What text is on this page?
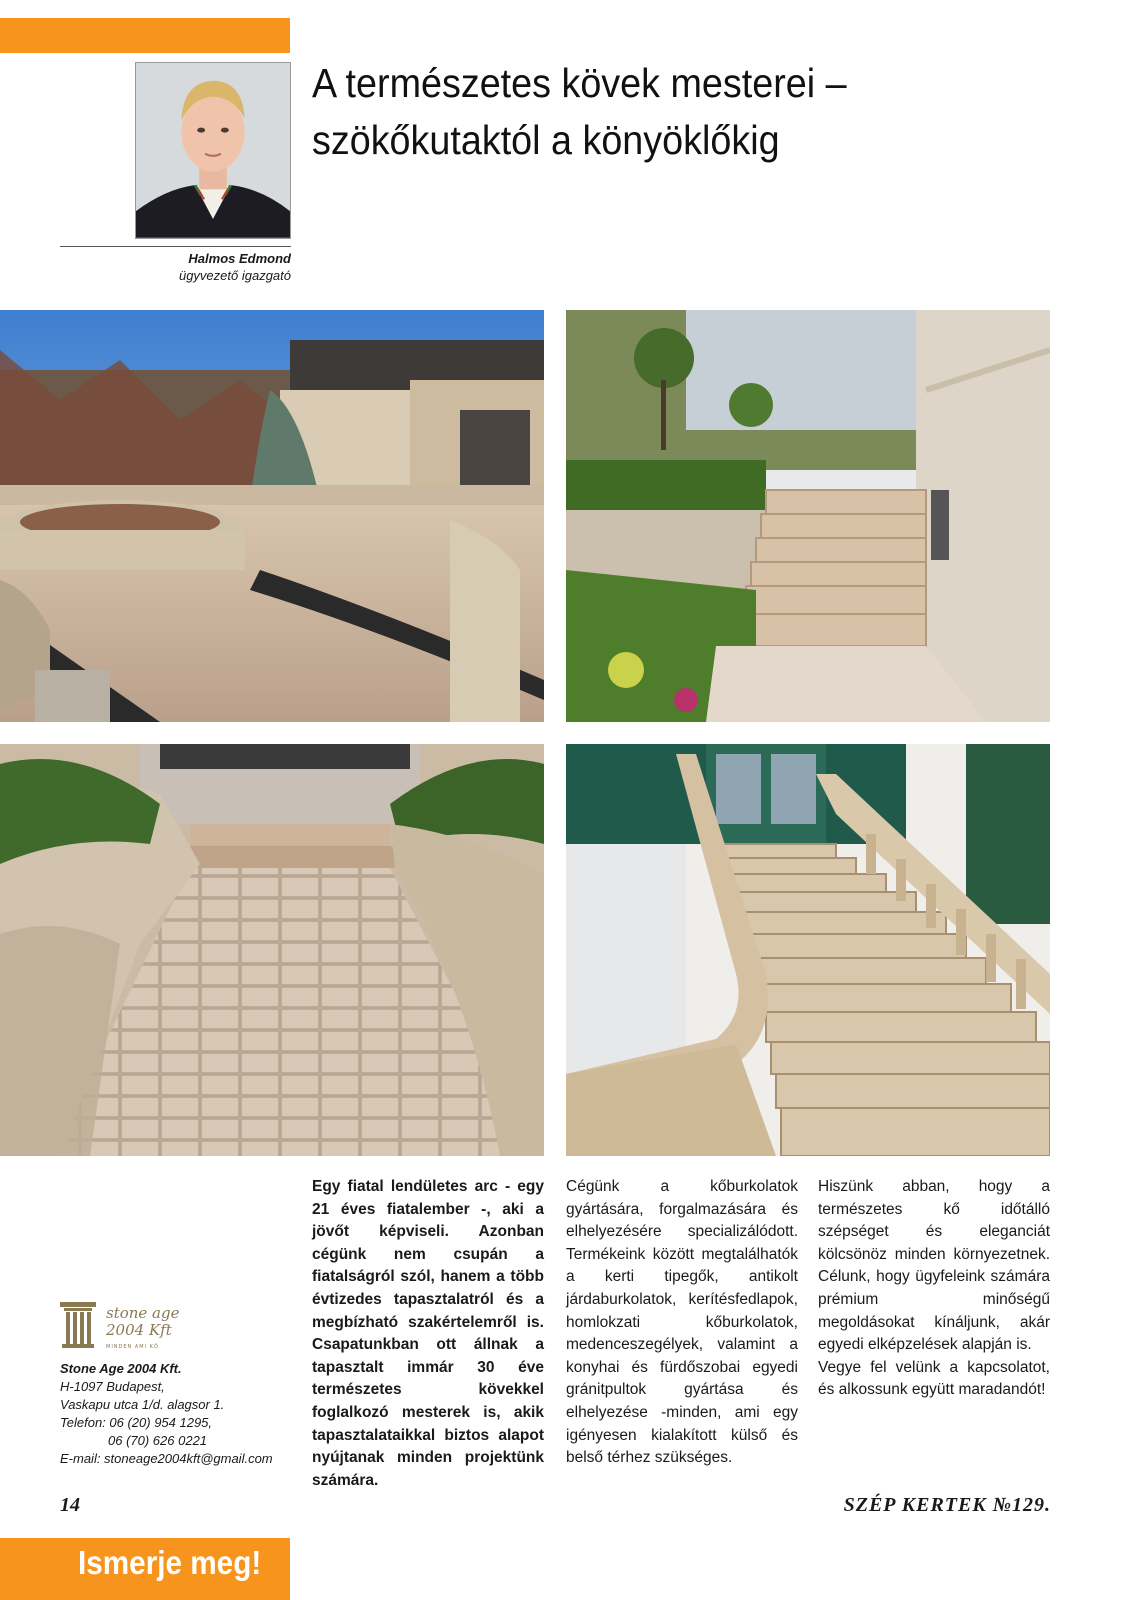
Halmos Edmond
ügyvezető igazgató
A természetes kövek mesterei –
szökőkutaktól a könyöklőkig
stone age
2004 Kft
MINDEN AMI KŐ
Stone Age 2004 Kft.
H-1097 Budapest,
Vaskapu utca 1/d. alagsor 1.
Telefon: 06 (20) 954 1295,
06 (70) 626 0221
E-mail: stoneage2004kft@gmail.com
Egy fiatal lendületes arc - egy 21 éves fiatalember -, aki a jövőt képviseli. Azonban cégünk nem csupán a fiatalságról szól, hanem a több évtizedes tapasztalatról és a megbízható szakértelemről is. Csapatunkban ott állnak a tapasztalt immár 30 éve természetes kövekkel foglalkozó mesterek is, akik tapasztalataikkal biztos alapot nyújtanak minden projektünk számára.
Cégünk a kőburkolatok gyártására, forgalmazására és elhelyezésére specializálódott. Termékeink között megtalálhatók a kerti tipegők, antikolt járdaburkolatok, kerítésfedlapok, homlokzati kőburkolatok, medenceszegélyek, valamint a konyhai és fürdőszobai egyedi gránitpultok gyártása és elhelyezése -minden, ami egy igényesen kialakított külső és belső térhez szükséges.
Hiszünk abban, hogy a természetes kő időtálló szépséget és eleganciát kölcsönöz minden környezetnek. Célunk, hogy ügyfeleink számára prémium minőségű megoldásokat kínáljunk, akár egyedi elképzelések alapján is.
Vegye fel velünk a kapcsolatot, és alkossunk együtt maradandót!
14	SZÉP KERTEK №129.
Ismerje meg!
